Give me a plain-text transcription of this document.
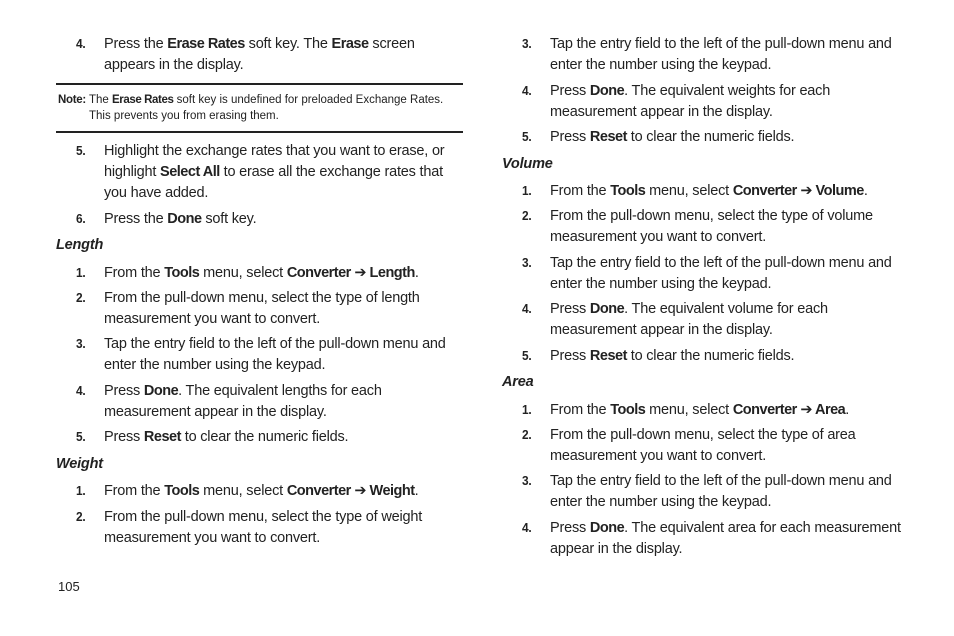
4.	Press the Erase Rates soft key. The Erase screen appears in the display.
Note: The Erase Rates soft key is undefined for preloaded Exchange Rates. This prevents you from erasing them.
5.	Highlight the exchange rates that you want to erase, or highlight Select All to erase all the exchange rates that you have added.
6.	Press the Done soft key.
Length
1.	From the Tools menu, select Converter ➔ Length.
2.	From the pull-down menu, select the type of length measurement you want to convert.
3.	Tap the entry field to the left of the pull-down menu and enter the number using the keypad.
4.	Press Done. The equivalent lengths for each measurement appear in the display.
5.	Press Reset to clear the numeric fields.
Weight
1.	From the Tools menu, select Converter ➔ Weight.
2.	From the pull-down menu, select the type of weight measurement you want to convert.
3.	Tap the entry field to the left of the pull-down menu and enter the number using the keypad.
4.	Press Done. The equivalent weights for each measurement appear in the display.
5.	Press Reset to clear the numeric fields.
Volume
1.	From the Tools menu, select Converter ➔ Volume.
2.	From the pull-down menu, select the type of volume measurement you want to convert.
3.	Tap the entry field to the left of the pull-down menu and enter the number using the keypad.
4.	Press Done. The equivalent volume for each measurement appear in the display.
5.	Press Reset to clear the numeric fields.
Area
1.	From the Tools menu, select Converter ➔ Area.
2.	From the pull-down menu, select the type of area measurement you want to convert.
3.	Tap the entry field to the left of the pull-down menu and enter the number using the keypad.
4.	Press Done. The equivalent area for each measurement appear in the display.
105
